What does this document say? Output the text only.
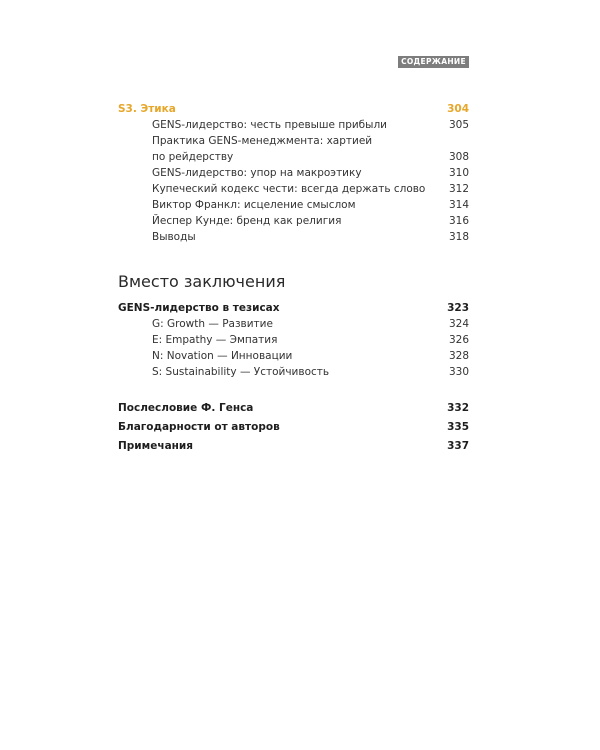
СОДЕРЖАНИЕ
S3. Этика	304
GENS-лидерство: честь превыше прибыли	305
Практика GENS-менеджмента: хартией
по рейдерству	308
GENS-лидерство: упор на макроэтику	310
Купеческий кодекс чести: всегда держать слово 312
Виктор Франкл: исцеление смыслом	314
Йеспер Кунде: бренд как религия	316
Выводы	318
Вместо заключения
GENS-лидерство в тезисах	323
G: Growth — Развитие	324
E: Empathy — Эмпатия	326
N: Novation — Инновации	328
S: Sustainability — Устойчивость	330
Послесловие Ф. Генса	332
Благодарности от авторов	335
Примечания	337
